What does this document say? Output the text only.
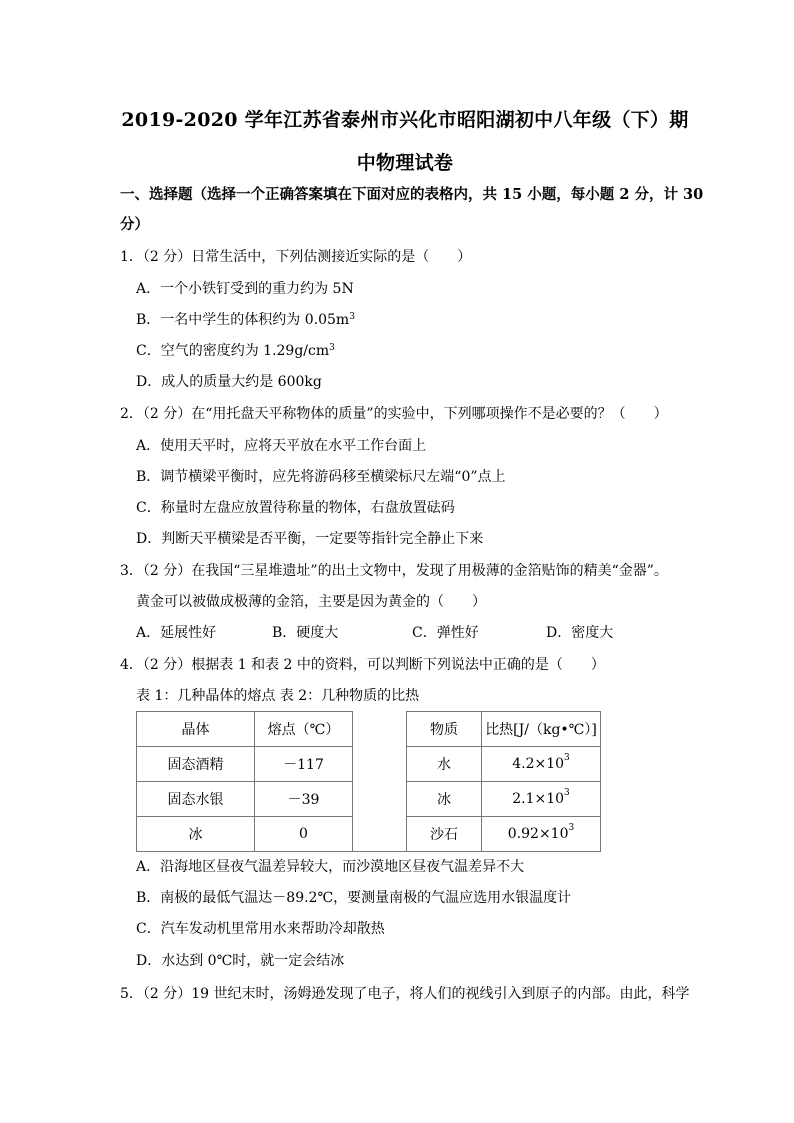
2019-2020 学年江苏省泰州市兴化市昭阳湖初中八年级（下）期
中物理试卷
一、选择题（选择一个正确答案填在下面对应的表格内，共 15 小题，每小题 2 分，计 30
分）
1．（2 分）日常生活中，下列估测接近实际的是（　　）
A．一个小铁钉受到的重力约为 5N
B．一名中学生的体积约为 $0.05m^3$
C．空气的密度约为 $1.29g/cm^3$
D．成人的质量大约是 600kg
2．（2 分）在“用托盘天平称物体的质量”的实验中，下列哪项操作不是必要的？（　　）
A．使用天平时，应将天平放在水平工作台面上
B．调节横梁平衡时，应先将游码移至横梁标尺左端“0”点上
C．称量时左盘应放置待称量的物体，右盘放置砝码
D．判断天平横梁是否平衡，一定要等指针完全静止下来
3．（2 分）在我国“三星堆遗址”的出土文物中，发现了用极薄的金箔贴饰的精美“金器”。
黄金可以被做成极薄的金箔，主要是因为黄金的（　　）
A．延展性好	B．硬度大	C．弹性好	D．密度大
4．（2 分）根据表 1 和表 2 中的资料，可以判断下列说法中正确的是（　　）
表 1：几种晶体的熔点 表 2：几种物质的比热
晶体	熔点（℃）		物质	比热[J/（kg•℃）]
固态酒精	－117		水	$4.2\times 10^3$
固态水银	－39		冰	$2.1\times 10^3$
冰	0		沙石	$0.92\times 10^3$
A．沿海地区昼夜气温差异较大，而沙漠地区昼夜气温差异不大
B．南极的最低气温达－89.2℃，要测量南极的气温应选用水银温度计
C．汽车发动机里常用水来帮助冷却散热
D．水达到 0℃时，就一定会结冰
5．（2 分）19 世纪末时，汤姆逊发现了电子，将人们的视线引入到原子的内部。由此，科学
